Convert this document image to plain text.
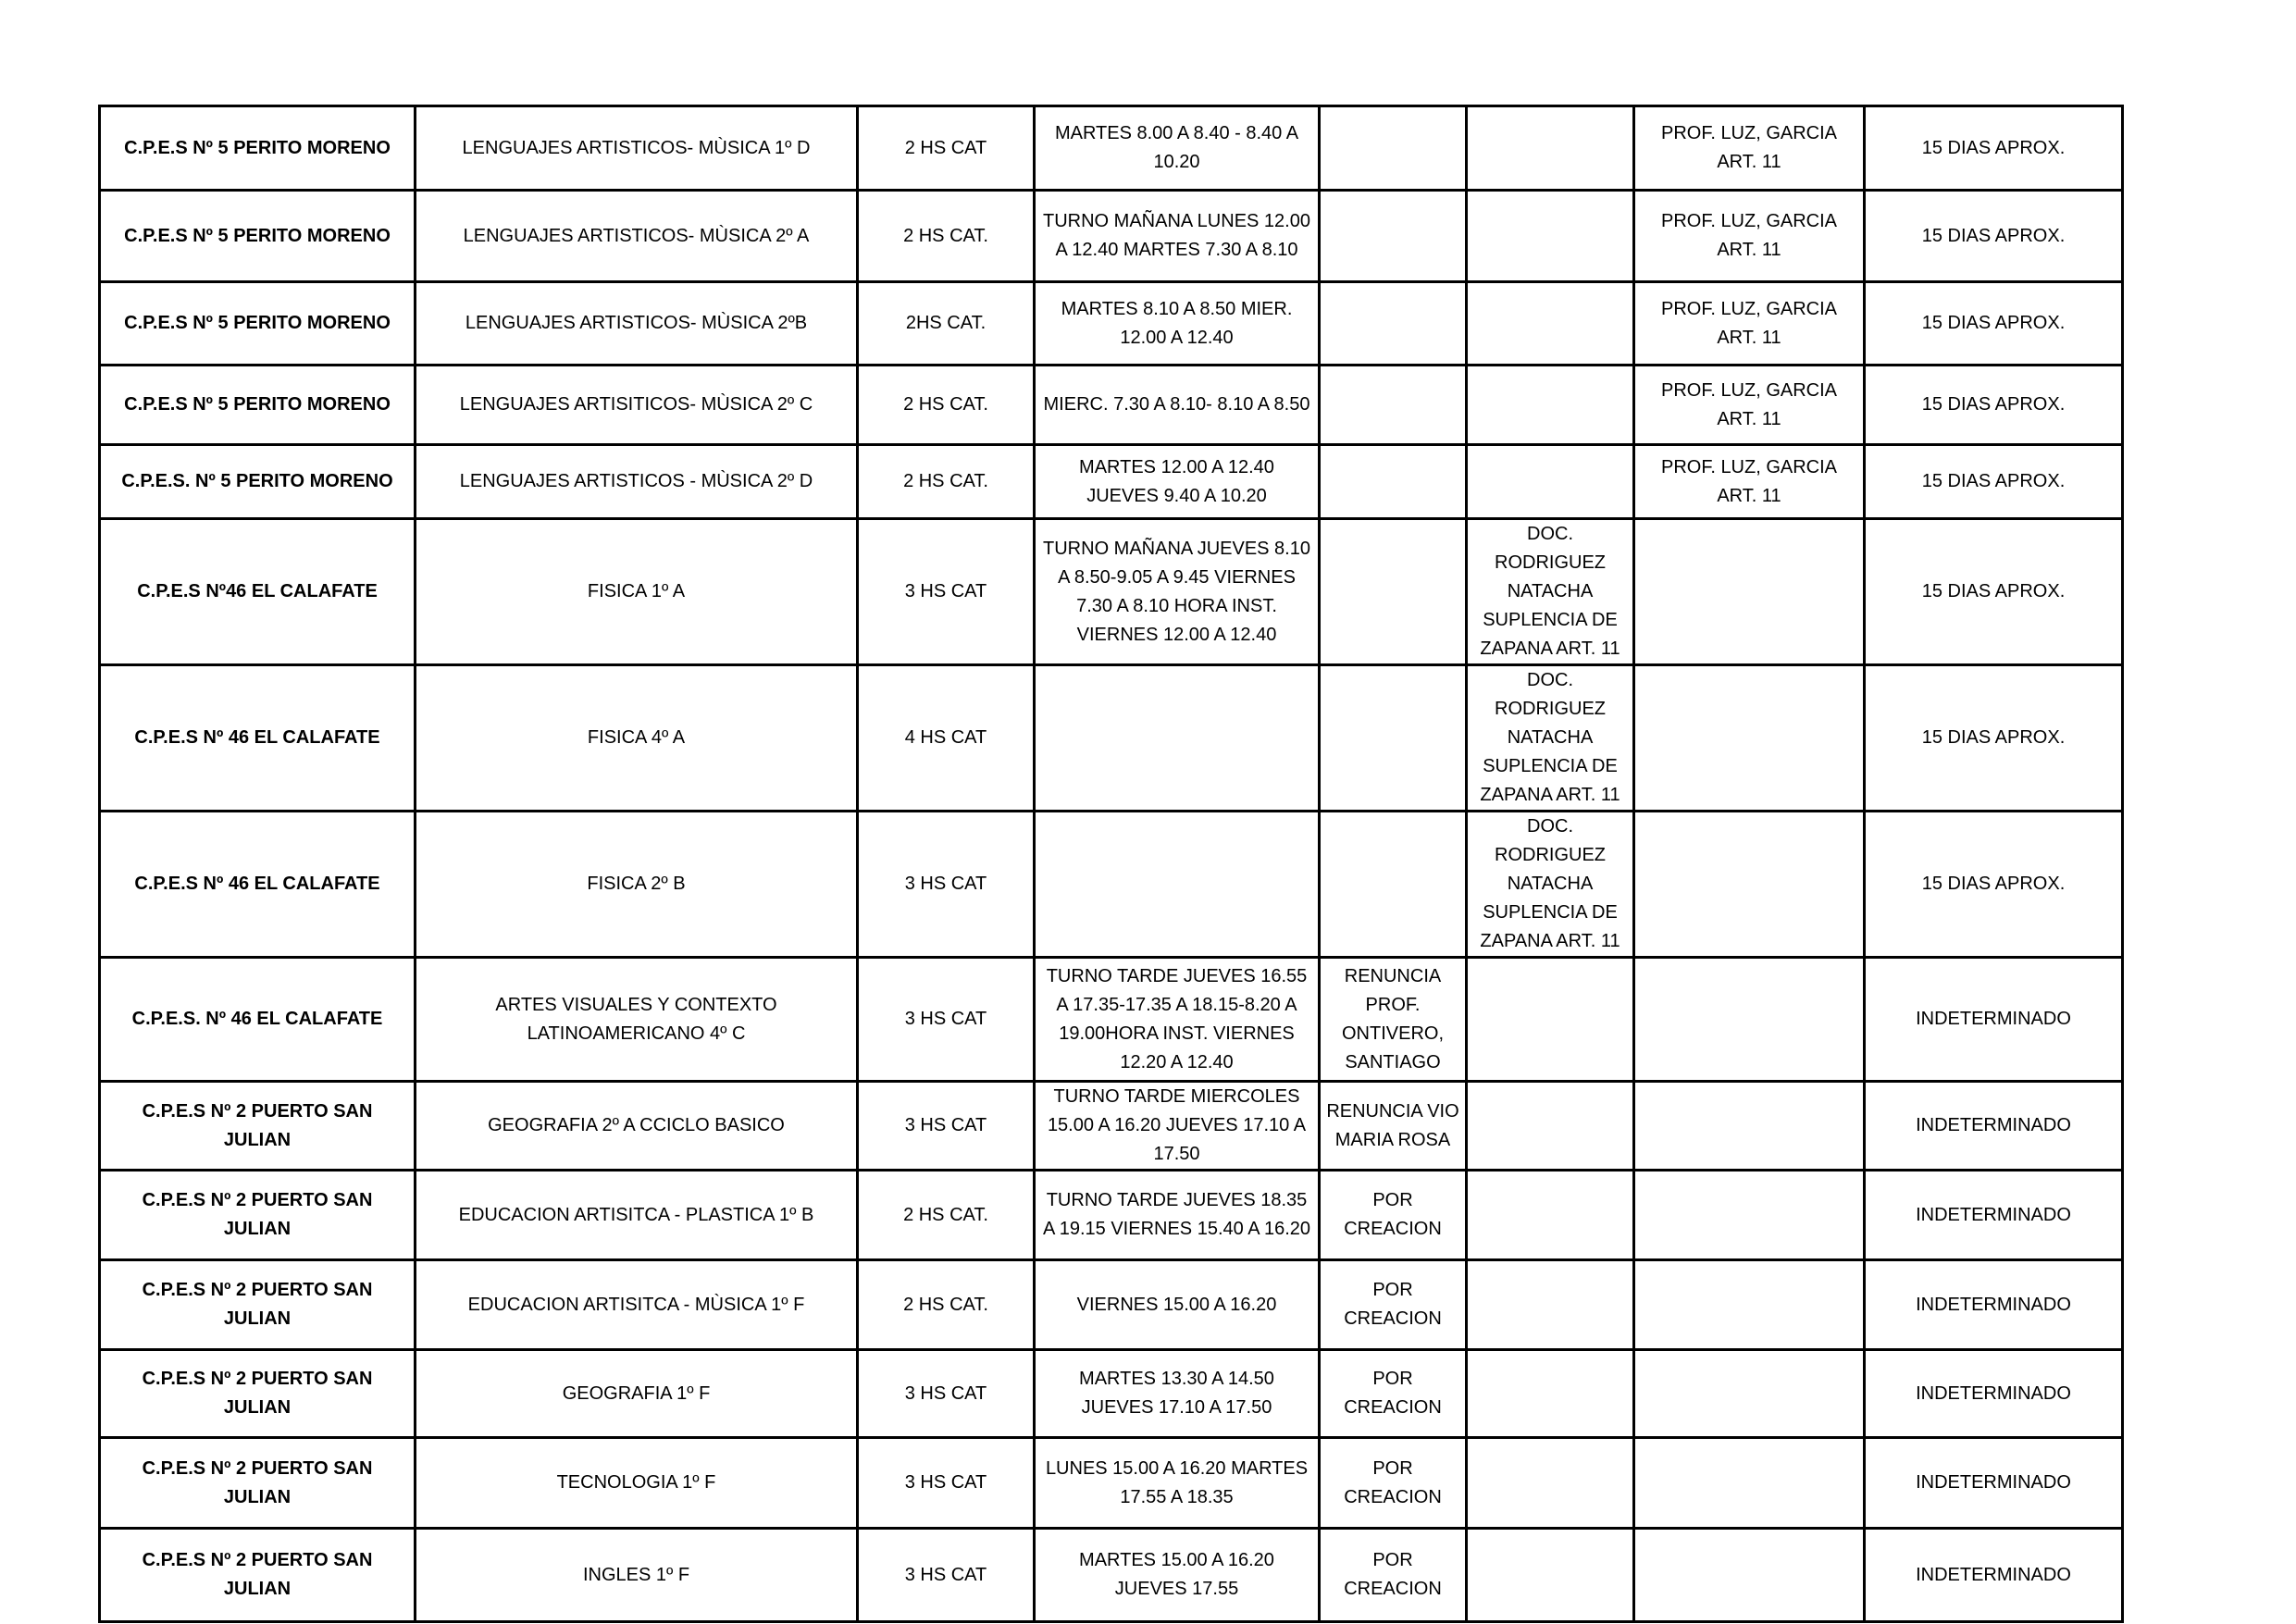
C.P.E.S Nº 5 PERITO MORENO	LENGUAJES ARTISTICOS- MÙSICA 1º D	2 HS CAT	MARTES 8.00 A 8.40 - 8.40 A 10.20			PROF. LUZ, GARCIA ART. 11	15 DIAS APROX.
C.P.E.S Nº 5 PERITO MORENO	LENGUAJES ARTISTICOS- MÙSICA 2º A	2 HS CAT.	TURNO MAÑANA LUNES 12.00 A 12.40 MARTES 7.30 A 8.10			PROF. LUZ, GARCIA ART. 11	15 DIAS APROX.
C.P.E.S Nº 5 PERITO MORENO	LENGUAJES ARTISTICOS- MÙSICA 2ºB	2HS CAT.	MARTES 8.10 A 8.50 MIER. 12.00 A 12.40			PROF. LUZ, GARCIA ART. 11	15 DIAS APROX.
C.P.E.S Nº 5 PERITO MORENO	LENGUAJES ARTISITICOS- MÙSICA 2º C	2 HS CAT.	MIERC. 7.30 A 8.10- 8.10 A 8.50			PROF. LUZ, GARCIA ART. 11	15 DIAS APROX.
C.P.E.S. Nº 5 PERITO MORENO	LENGUAJES ARTISTICOS - MÙSICA 2º D	2 HS CAT.	MARTES 12.00 A 12.40 JUEVES 9.40 A 10.20			PROF. LUZ, GARCIA ART. 11	15 DIAS APROX.
C.P.E.S Nº46 EL CALAFATE	FISICA 1º A	3 HS CAT	TURNO MAÑANA JUEVES 8.10 A 8.50-9.05 A 9.45 VIERNES 7.30 A 8.10 HORA INST. VIERNES 12.00 A 12.40		DOC. RODRIGUEZ NATACHA SUPLENCIA DE ZAPANA ART. 11		15 DIAS APROX.
C.P.E.S Nº 46 EL CALAFATE	FISICA 4º A	4 HS CAT			DOC. RODRIGUEZ NATACHA SUPLENCIA DE ZAPANA ART. 11		15 DIAS APROX.
C.P.E.S Nº 46 EL CALAFATE	FISICA 2º B	3 HS CAT			DOC. RODRIGUEZ NATACHA SUPLENCIA DE ZAPANA ART. 11		15 DIAS APROX.
C.P.E.S. Nº 46 EL CALAFATE	ARTES VISUALES Y CONTEXTO LATINOAMERICANO 4º C	3 HS CAT	TURNO TARDE JUEVES 16.55 A 17.35-17.35 A 18.15-8.20 A 19.00HORA INST. VIERNES 12.20 A 12.40	RENUNCIA PROF. ONTIVERO, SANTIAGO			INDETERMINADO
C.P.E.S Nº 2 PUERTO SAN JULIAN	GEOGRAFIA 2º A CCICLO BASICO	3 HS CAT	TURNO TARDE MIERCOLES 15.00 A 16.20 JUEVES 17.10 A 17.50	RENUNCIA VIO MARIA ROSA			INDETERMINADO
C.P.E.S Nº 2 PUERTO SAN JULIAN	EDUCACION ARTISITCA - PLASTICA 1º B	2 HS CAT.	TURNO TARDE JUEVES 18.35 A 19.15 VIERNES 15.40 A 16.20	POR CREACION			INDETERMINADO
C.P.E.S Nº 2 PUERTO SAN JULIAN	EDUCACION ARTISITCA - MÙSICA 1º F	2 HS CAT.	VIERNES 15.00 A 16.20	POR CREACION			INDETERMINADO
C.P.E.S Nº 2 PUERTO SAN JULIAN	GEOGRAFIA 1º F	3 HS CAT	MARTES 13.30 A 14.50 JUEVES 17.10 A 17.50	POR CREACION			INDETERMINADO
C.P.E.S Nº 2 PUERTO SAN JULIAN	TECNOLOGIA 1º F	3 HS CAT	LUNES 15.00 A 16.20 MARTES 17.55 A 18.35	POR CREACION			INDETERMINADO
C.P.E.S Nº 2 PUERTO SAN JULIAN	INGLES 1º F	3 HS CAT	MARTES 15.00 A 16.20 JUEVES 17.55	POR CREACION			INDETERMINADO
